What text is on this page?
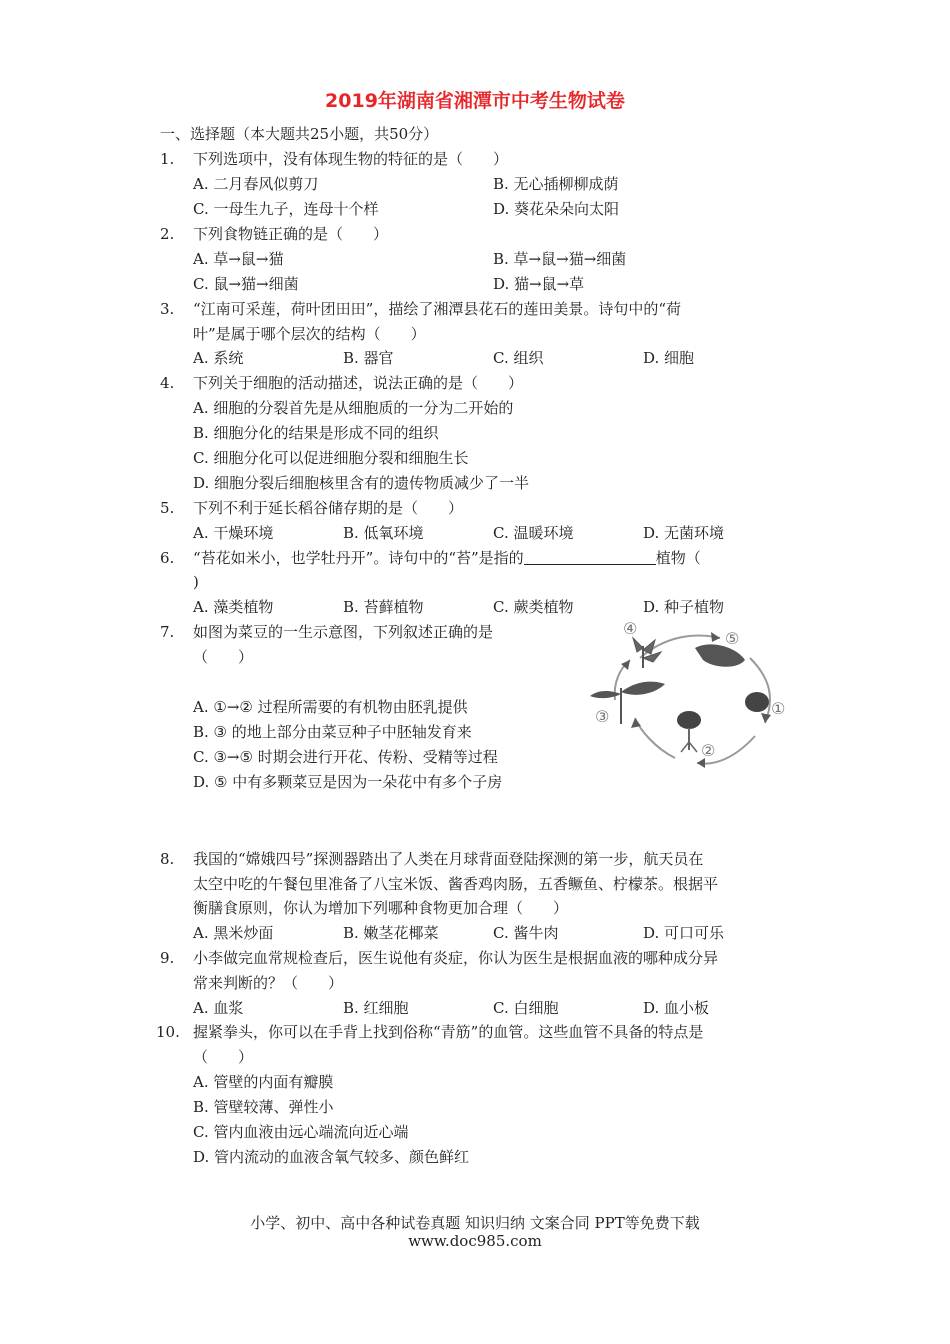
2019年湖南省湘潭市中考生物试卷
一、选择题（本大题共25小题，共50分）
1. 下列选项中，没有体现生物的特征的是（　　）
A. 二月春风似剪刀	B. 无心插柳柳成荫
C. 一母生九子，连母十个样	D. 葵花朵朵向太阳
2. 下列食物链正确的是（　　）
A. 草→鼠→猫	B. 草→鼠→猫→细菌
C. 鼠→猫→细菌	D. 猫→鼠→草
3. “江南可采莲，荷叶团田田”，描绘了湘潭县花石的莲田美景。诗句中的“荷
叶”是属于哪个层次的结构（　　）
A. 系统	B. 器官	C. 组织	D. 细胞
4. 下列关于细胞的活动描述，说法正确的是（　　）
A. 细胞的分裂首先是从细胞质的一分为二开始的
B. 细胞分化的结果是形成不同的组织
C. 细胞分化可以促进细胞分裂和细胞生长
D. 细胞分裂后细胞核里含有的遗传物质减少了一半
5. 下列不利于延长稻谷储存期的是（　　）
A. 干燥环境	B. 低氧环境	C. 温暖环境	D. 无菌环境
6. “苔花如米小，也学牡丹开”。诗句中的“苔”是指的	植物（
)
A. 藻类植物	B. 苔藓植物	C. 蕨类植物	D. 种子植物
7. 如图为菜豆的一生示意图，下列叙述正确的是
（　　）
A. ①→② 过程所需要的有机物由胚乳提供
B. ③ 的地上部分由菜豆种子中胚轴发育来
C. ③→⑤ 时期会进行开花、传粉、受精等过程
D. ⑤ 中有多颗菜豆是因为一朵花中有多个子房
④
⑤
①
②
③
8. 我国的“嫦娥四号”探测器踏出了人类在月球背面登陆探测的第一步，航天员在
太空中吃的午餐包里准备了八宝米饭、酱香鸡肉肠，五香鳜鱼、柠檬茶。根据平
衡膳食原则，你认为增加下列哪种食物更加合理（　　）
A. 黑米炒面	B. 嫩茎花椰菜	C. 酱牛肉	D. 可口可乐
9. 小李做完血常规检查后，医生说他有炎症，你认为医生是根据血液的哪种成分异
常来判断的？（　　）
A. 血浆	B. 红细胞	C. 白细胞	D. 血小板
10. 握紧拳头，你可以在手背上找到俗称“青筋”的血管。这些血管不具备的特点是
（　　）
A. 管壁的内面有瓣膜
B. 管壁较薄、弹性小
C. 管内血液由远心端流向近心端
D. 管内流动的血液含氧气较多、颜色鲜红
小学、初中、高中各种试卷真题 知识归纳 文案合同 PPT等免费下载
www.doc985.com
